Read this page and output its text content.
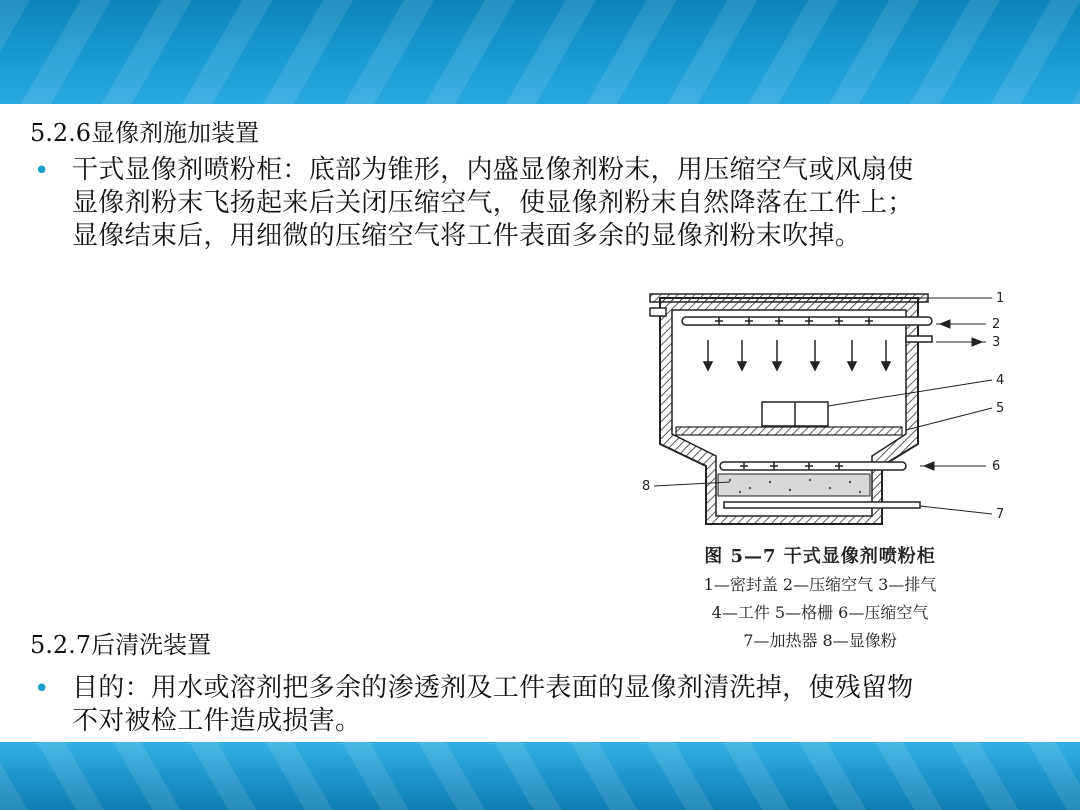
5.2.6显像剂施加装置
• 干式显像剂喷粉柜：底部为锥形，内盛显像剂粉末，用压缩空气或风扇使
显像剂粉末飞扬起来后关闭压缩空气，使显像剂粉末自然降落在工件上；
显像结束后，用细微的压缩空气将工件表面多余的显像剂粉末吹掉。
1
2
3
4
5
6
8
7
图 5—7 干式显像剂喷粉柜
1—密封盖 2—压缩空气 3—排气
4—工件 5—格栅 6—压缩空气
7—加热器 8—显像粉
5.2.7后清洗装置
• 目的：用水或溶剂把多余的渗透剂及工件表面的显像剂清洗掉，使残留物
不对被检工件造成损害。
